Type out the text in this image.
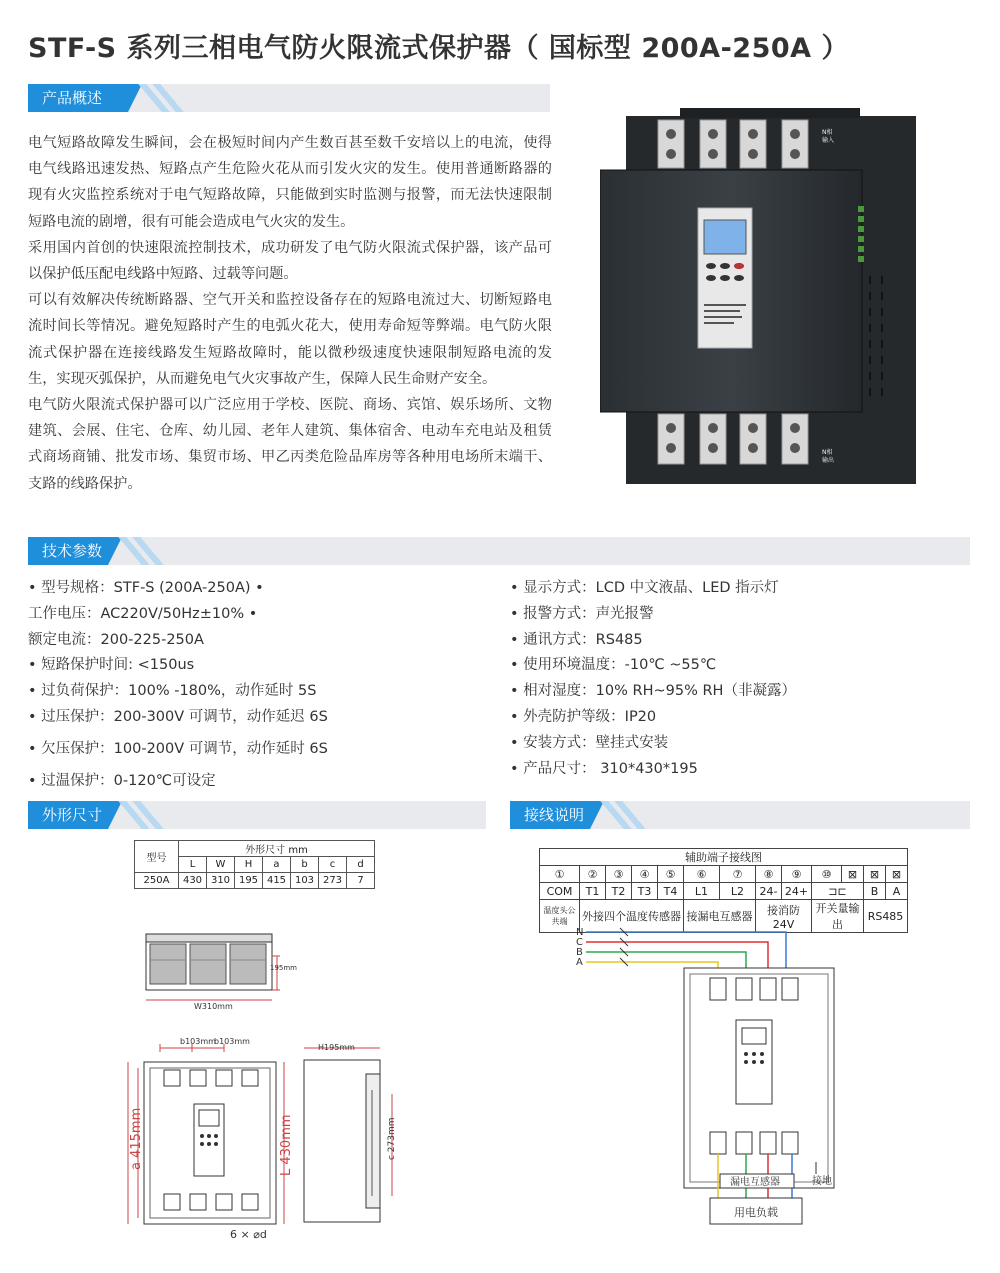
STF-S 系列三相电气防火限流式保护器（ 国标型 200A-250A ）
产品概述

电气短路故障发生瞬间，会在极短时间内产生数百甚至数千安培以上的电流，使得电气线路迅速发热、短路点产生危险火花从而引发火灾的发生。使用普通断路器的现有火灾监控系统对于电气短路故障，只能做到实时监测与报警，而无法快速限制短路电流的剧增，很有可能会造成电气火灾的发生。

采用国内首创的快速限流控制技术，成功研发了电气防火限流式保护器，该产品可以保护低压配电线路中短路、过载等问题。

可以有效解决传统断路器、空气开关和监控设备存在的短路电流过大、切断短路电流时间长等情况。避免短路时产生的电弧火花大，使用寿命短等弊端。电气防火限流式保护器在连接线路发生短路故障时，能以微秒级速度快速限制短路电流的发生，实现灭弧保护，从而避免电气火灾事故产生，保障人民生命财产安全。

电气防火限流式保护器可以广泛应用于学校、医院、商场、宾馆、娱乐场所、文物建筑、会展、住宅、仓库、幼儿园、老年人建筑、集体宿舍、电动车充电站及租赁式商场商铺、批发市场、集贸市场、甲乙丙类危险品库房等各种用电场所末端干、支路的线路保护。

N相
输入
N相
输出
技术参数
• 型号规格：STF-S (200A-250A) •
工作电压：AC220V/50Hz±10% •
额定电流：200-225-250A
• 短路保护时间: <150us
• 过负荷保护：100% -180%，动作延时 5S
• 过压保护：200-300V 可调节，动作延迟 6S
• 欠压保护：100-200V 可调节，动作延时 6S
• 过温保护：0-120℃可设定
• 显示方式：LCD 中文液晶、LED 指示灯
• 报警方式：声光报警
• 通讯方式：RS485
• 使用环境温度：-10℃ ~55℃
• 相对湿度：10% RH~95% RH（非凝露）
• 外壳防护等级：IP20
• 安装方式：壁挂式安装
• 产品尺寸： 310*430*195
外形尺寸	接线说明
型号	外形尺寸 mm						
	L	W	H	a	b	c	d
250A	430	310	195	415	103	273	7
195mm
W310mm
b103mm
b103mm
a 415mm	L 430mm
6 × ⌀d
H195mm
c 273mm
辅助端子接线图												
①	②	③	④	⑤	⑥	⑦	⑧	⑨	⑩	⊠	⊠	⊠
COM	T1	T2	T3	T4	L1	L2	24-	24+	⊐⊏		B	A
温度头公共端	外接四个温度传感器				接漏电互感器		接消防 24V		开关量输出		RS485	
N
C
B
A
漏电互感器	接地
用电负载
